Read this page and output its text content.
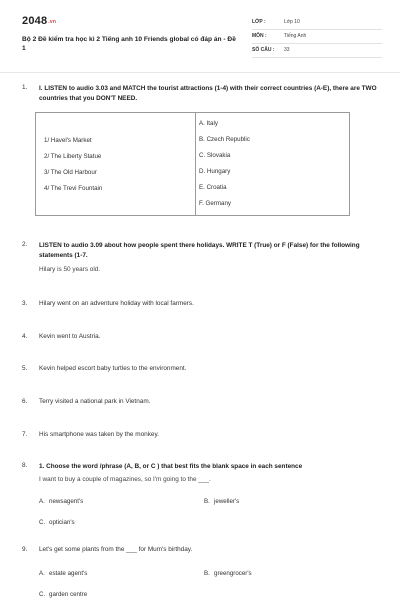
2048.vn
Bộ 2 Đề kiểm tra học kì 2 Tiếng anh 10 Friends global có đáp án - Đề 1
LỚP :	Lớp 10
MÔN :	Tiếng Anh
SỐ CÂU :	33
1.	I. LISTEN to audio 3.03 and MATCH the tourist attractions (1-4) with their correct countries (A-E), there are TWO countries that you DON'T NEED.
1/ Havel's Market
2/ The Liberty Statue
3/ The Old Harbour
4/ The Trevi Fountain
A. Italy
B. Czech Republic
C. Slovakia
D. Hungary
E. Croatia
F. Germany
2.	LISTEN to audio 3.09 about how people spent there holidays. WRITE T (True) or F (False) for the following statements (1-7.
Hilary is 50 years old.
3.	Hilary went on an adventure holiday with local farmers.
4.	Kevin went to Austria.
5.	Kevin helped escort baby turtles to the environment.
6.	Terry visited a national park in Vietnam.
7.	His smartphone was taken by the monkey.
8.	1. Choose the word /phrase (A, B, or C ) that best fits the blank space in each sentence
I want to buy a couple of magazines, so I'm going to the ___.
A. newsagent's	B. jeweller's
C. optician's
9.	Let's get some plants from the ___ for Mum's birthday.
A. estate agent's	B. greengrocer's
C. garden centre
